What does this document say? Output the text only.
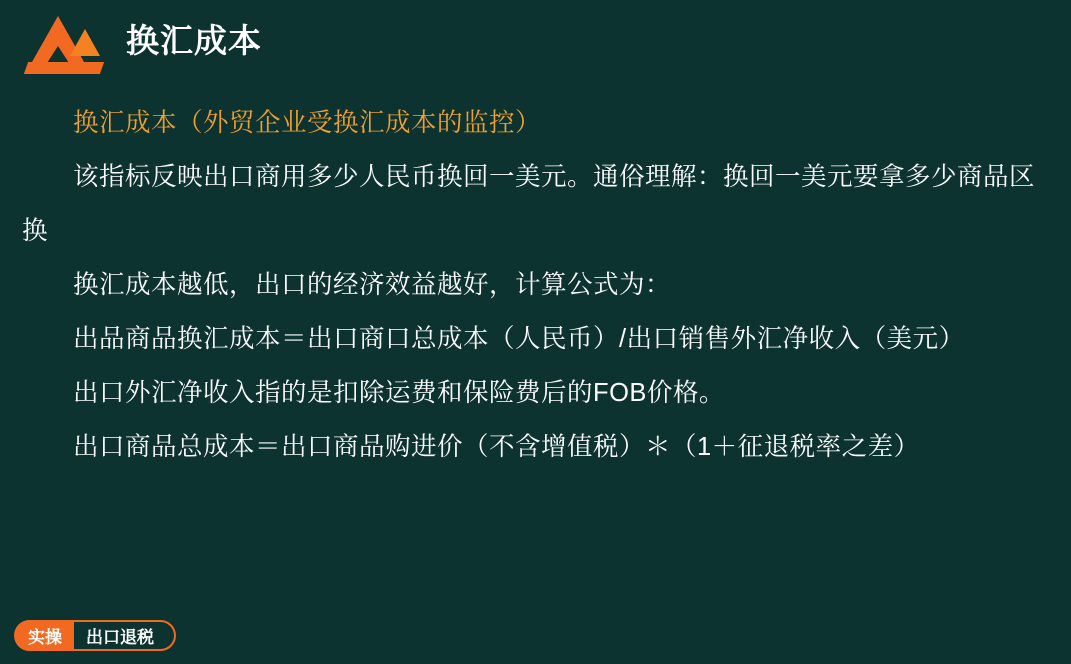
换汇成本

换汇成本（外贸企业受换汇成本的监控）

该指标反映出口商用多少人民币换回一美元。通俗理解：换回一美元要拿多少商品区换

换汇成本越低，出口的经济效益越好，计算公式为：

出品商品换汇成本＝出口商口总成本（人民币）/出口销售外汇净收入（美元）

出口外汇净收入指的是扣除运费和保险费后的FOB价格。

出口商品总成本＝出口商品购进价（不含增值税）＊（1＋征退税率之差）

实操	出口退税
